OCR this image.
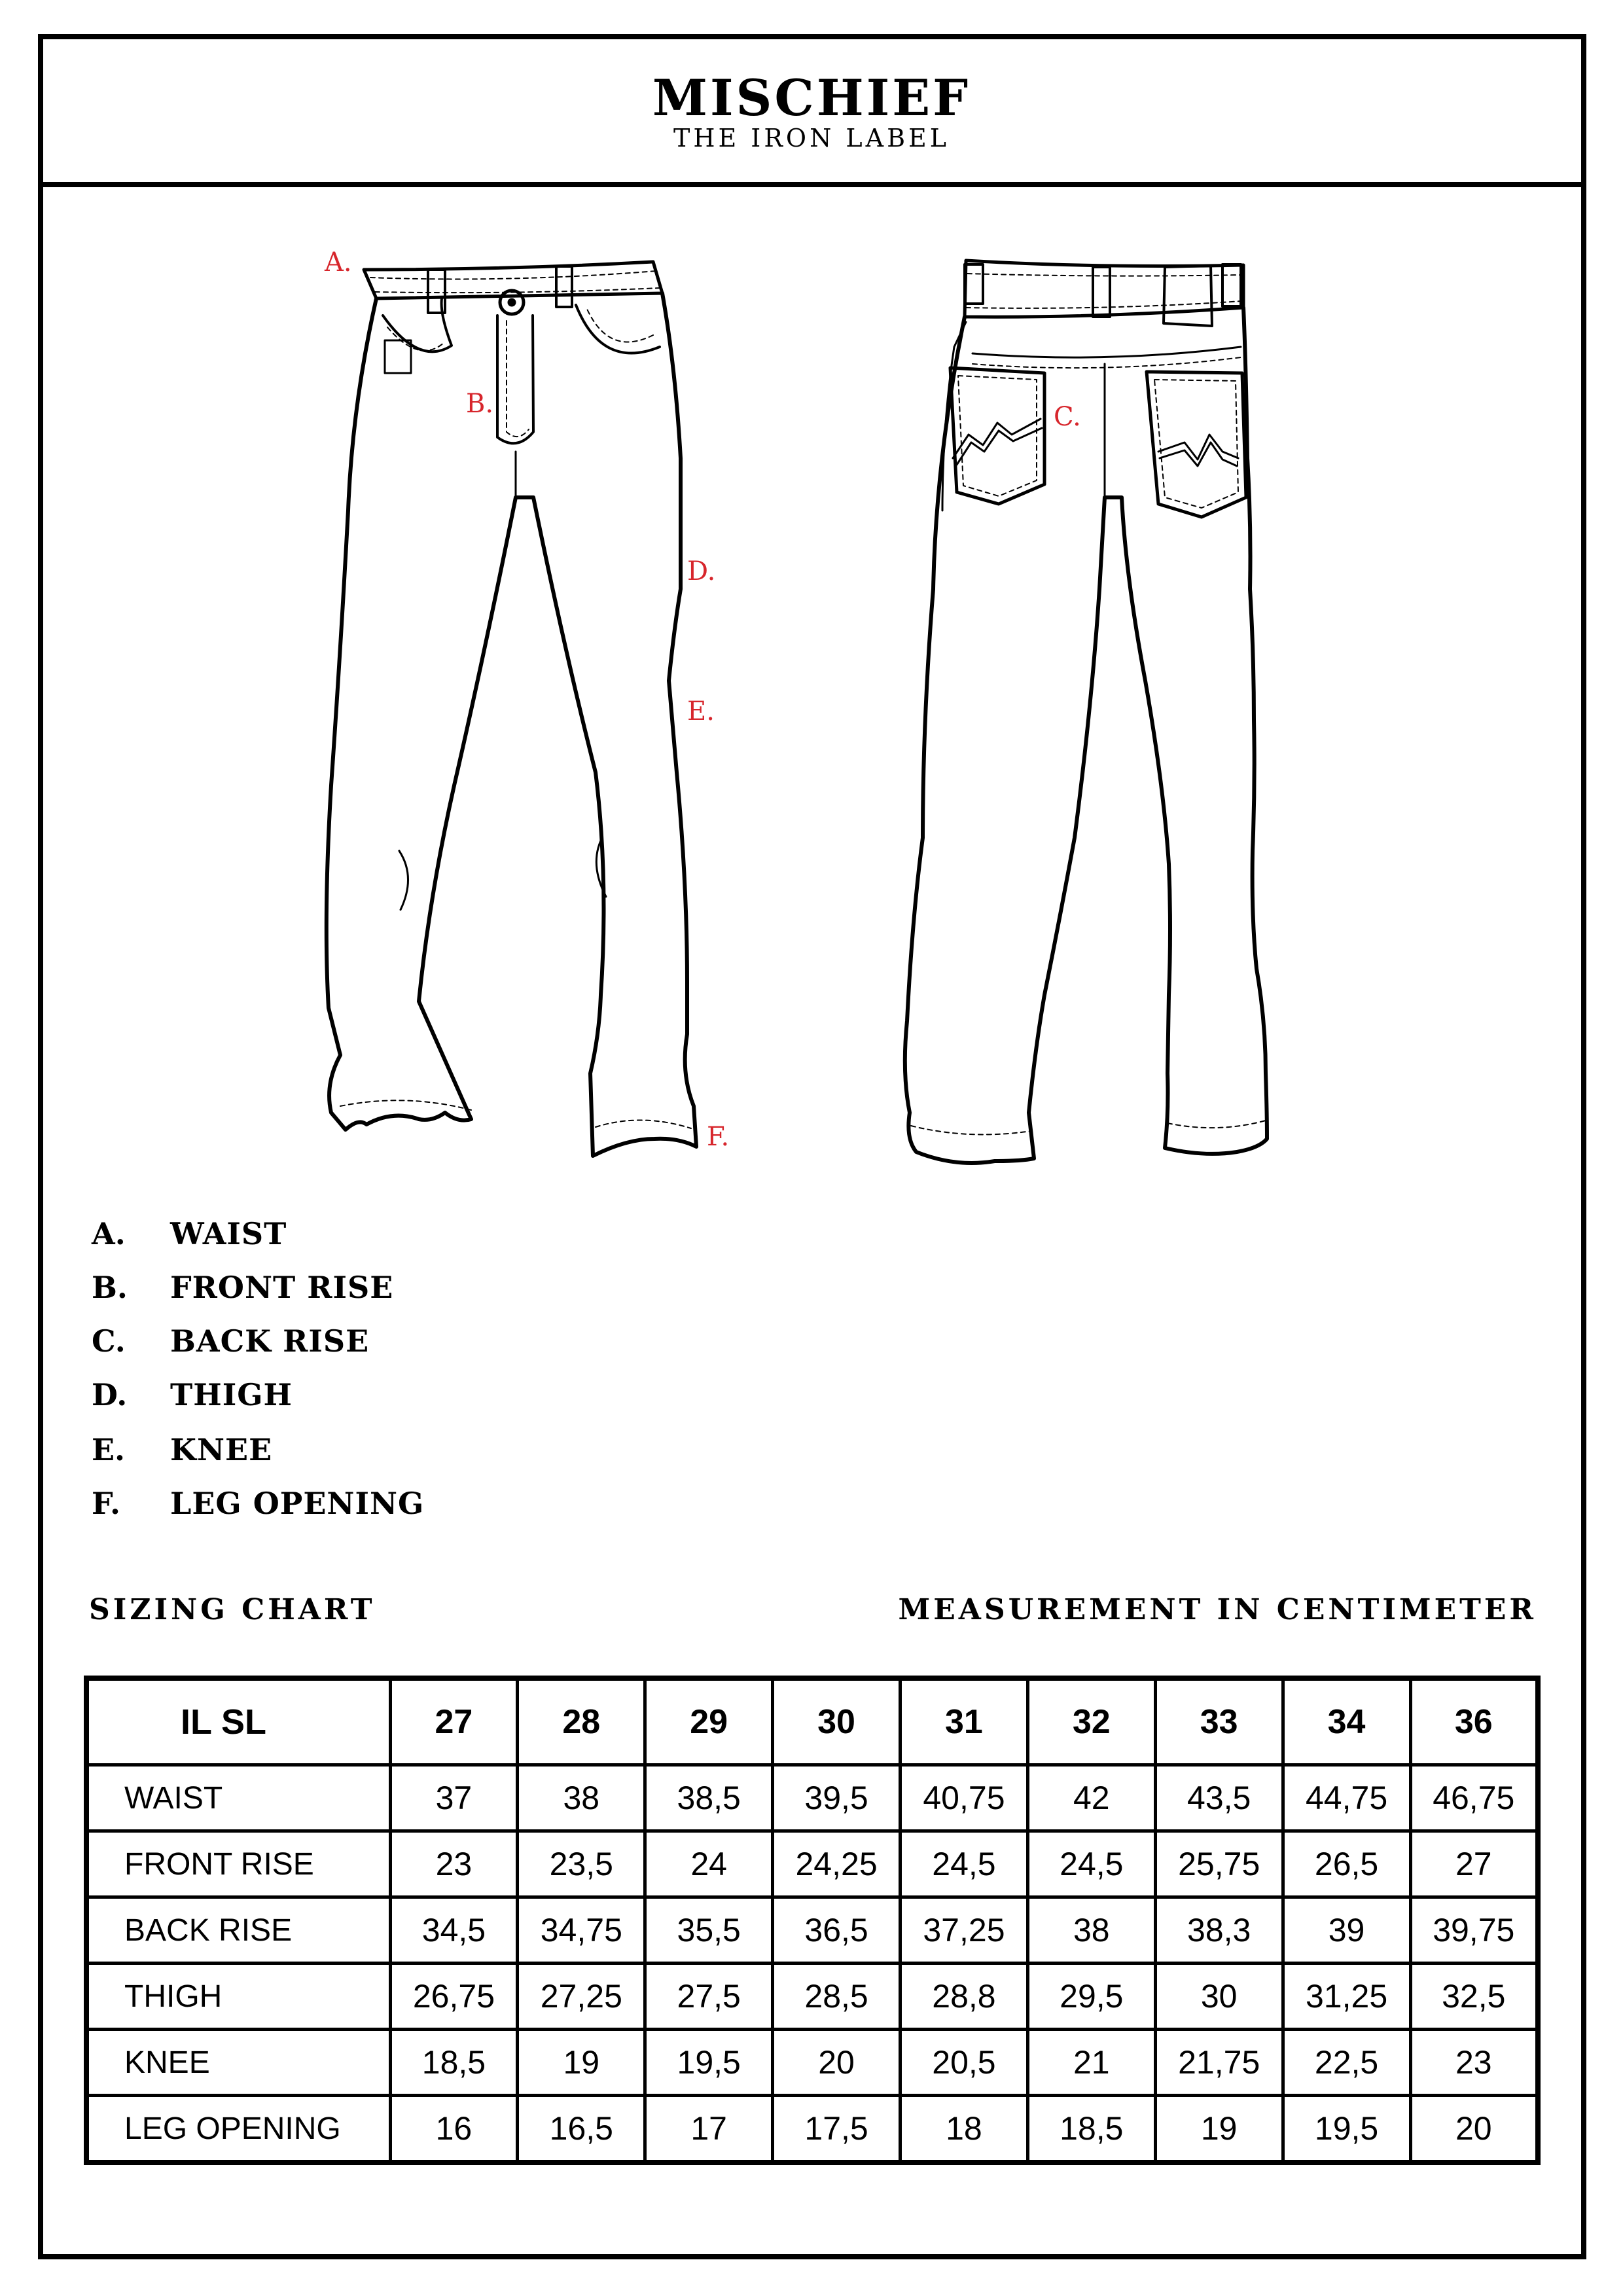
MISCHIEF
THE IRON LABEL
A.
B.	C.
D.
E.
F.
A. WAIST
B. FRONT RISE
C. BACK RISE
D. THIGH
E. KNEE
F. LEG OPENING
SIZING CHART	MEASUREMENT IN CENTIMETER
IL SL	27	28	29	30	31	32	33	34	36
WAIST	37	38	38,5	39,5	40,75	42	43,5	44,75	46,75
FRONT RISE	23	23,5	24	24,25	24,5	24,5	25,75	26,5	27
BACK RISE	34,5	34,75	35,5	36,5	37,25	38	38,3	39	39,75
THIGH	26,75	27,25	27,5	28,5	28,8	29,5	30	31,25	32,5
KNEE	18,5	19	19,5	20	20,5	21	21,75	22,5	23
LEG OPENING	16	16,5	17	17,5	18	18,5	19	19,5	20
